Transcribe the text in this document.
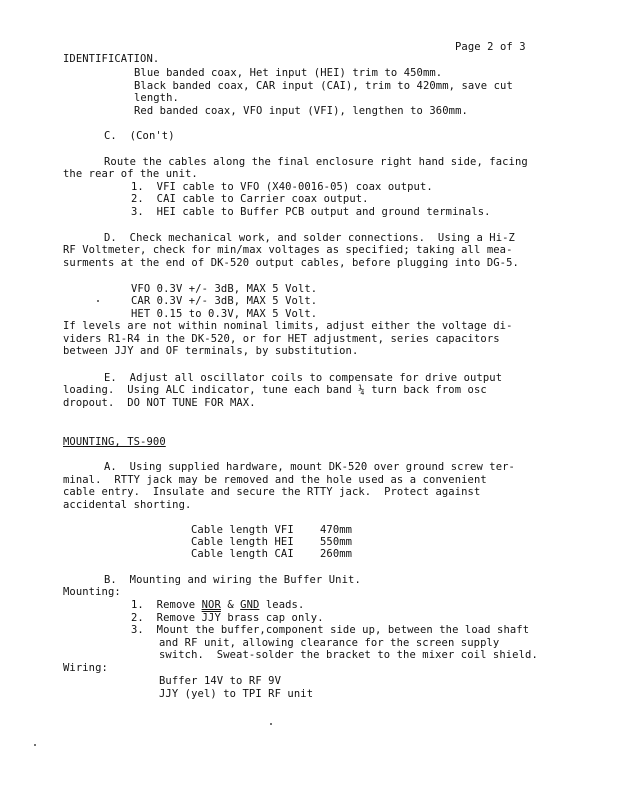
Page 2 of 3
IDENTIFICATION.
Blue banded coax, Het input (HEI) trim to 450mm.
Black banded coax, CAR input (CAI), trim to 420mm, save cut
length.
Red banded coax, VFO input (VFI), lengthen to 360mm.
C.  (Con't)
Route the cables along the final enclosure right hand side, facing
the rear of the unit.
1.  VFI cable to VFO (X40-0016-05) coax output.
2.  CAI cable to Carrier coax output.
3.  HEI cable to Buffer PCB output and ground terminals.
D.  Check mechanical work, and solder connections.  Using a Hi-Z
RF Voltmeter, check for min/max voltages as specified; taking all mea-
surments at the end of DK-520 output cables, before plugging into DG-5.
VFO 0.3V +/- 3dB, MAX 5 Volt.
CAR 0.3V +/- 3dB, MAX 5 Volt.
HET 0.15 to 0.3V, MAX 5 Volt.
If levels are not within nominal limits, adjust either the voltage di-
viders R1-R4 in the DK-520, or for HET adjustment, series capacitors
between JJY and OF terminals, by substitution.
E.  Adjust all oscillator coils to compensate for drive output
loading.  Using ALC indicator, tune each band ¼ turn back from osc
dropout.  DO NOT TUNE FOR MAX.
MOUNTING, TS-900
A.  Using supplied hardware, mount DK-520 over ground screw ter-
minal.  RTTY jack may be removed and the hole used as a convenient
cable entry.  Insulate and secure the RTTY jack.  Protect against
accidental shorting.
Cable length VFI	470mm
Cable length HEI	550mm
Cable length CAI	260mm
B.  Mounting and wiring the Buffer Unit.
Mounting:
1.  Remove NOR & GND leads.
2.  Remove $\overline{JJY}$ brass cap only.
3.  Mount the buffer,component side up, between the load shaft
and RF unit, allowing clearance for the screen supply
switch.  Sweat-solder the bracket to the mixer coil shield.
Wiring:
Buffer 14V to RF 9V
JJY (yel) to TPI RF unit
